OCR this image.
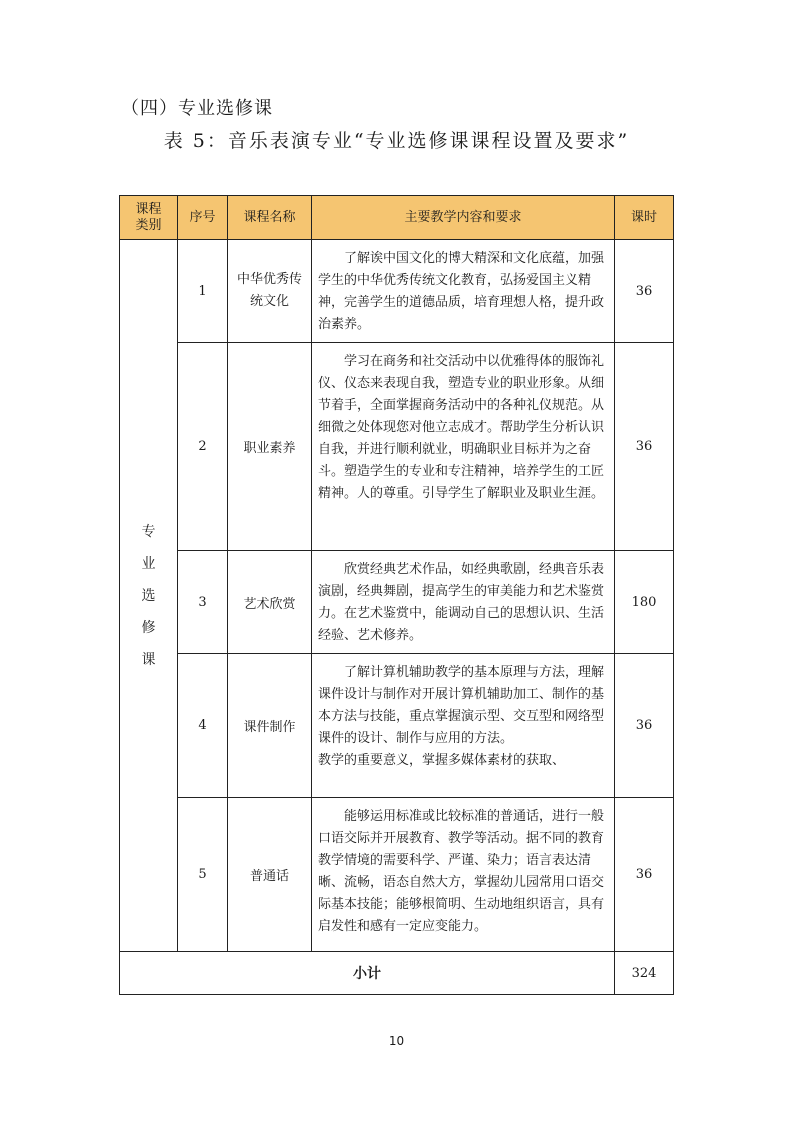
（四）专业选修课
表 5：音乐表演专业“专业选修课课程设置及要求”
课程类别	序号	课程名称	主要教学内容和要求	课时

专
业
选
修
课	1	中华优秀传统文化	了解诶中国文化的博大精深和文化底蕴，加强学生的中华优秀传统文化教育，弘扬爱国主义精神，完善学生的道德品质，培育理想人格，提升政治素养。	36
	2	职业素养	学习在商务和社交活动中以优雅得体的服饰礼仪、仪态来表现自我，塑造专业的职业形象。从细节着手，全面掌握商务活动中的各种礼仪规范。从细微之处体现您对他立志成才。帮助学生分析认识自我，并进行顺利就业，明确职业目标并为之奋斗。塑造学生的专业和专注精神，培养学生的工匠精神。人的尊重。引导学生了解职业及职业生涯。	36
	3	艺术欣赏	欣赏经典艺术作品，如经典歌剧，经典音乐表演剧，经典舞剧，提高学生的审美能力和艺术鉴赏力。在艺术鉴赏中，能调动自己的思想认识、生活经验、艺术修养。	180
	4	课件制作	了解计算机辅助教学的基本原理与方法，理解课件设计与制作对开展计算机辅助加工、制作的基本方法与技能，重点掌握演示型、交互型和网络型课件的设计、制作与应用的方法。

教学的重要意义，掌握多媒体素材的获取、	36
	5	普通话	能够运用标准或比较标准的普通话，进行一般口语交际并开展教育、教学等活动。据不同的教育教学情境的需要科学、严谨、染力；语言表达清晰、流畅，语态自然大方，掌握幼儿园常用口语交际基本技能；能够根简明、生动地组织语言，具有启发性和感有一定应变能力。	36
小计				324
10
